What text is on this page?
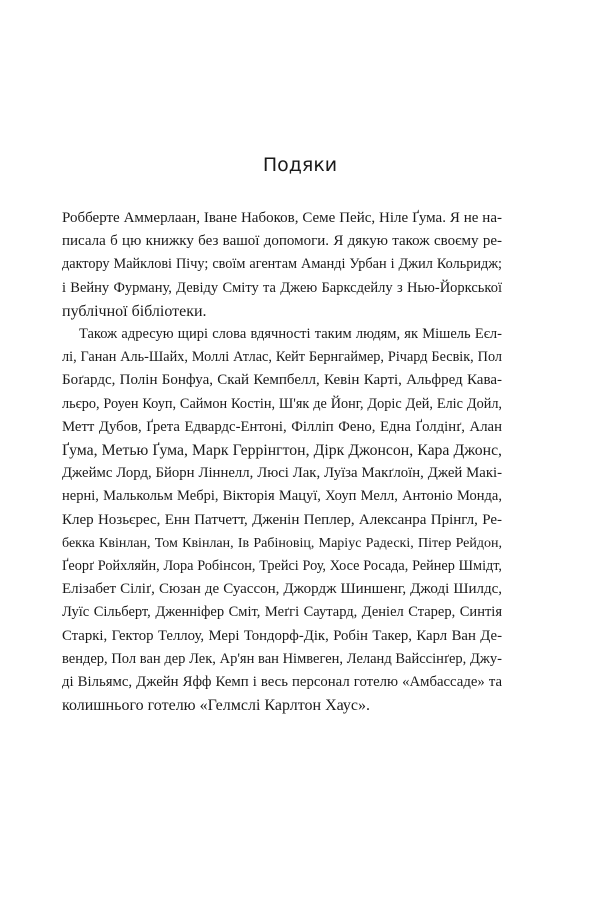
Подяки
Робберте Аммерлаан, Іване Набоков, Семе Пейс, Ніле Ґума. Я не на-
писала б цю книжку без вашої допомоги. Я дякую також своєму ре-
дактору Майклові Пічу; своїм агентам Аманді Урбан і Джил Кольридж;
і Вейну Фурману, Девіду Сміту та Джею Барксдейлу з Нью-Йоркської
публічної бібліотеки.
Також адресую щирі слова вдячності таким людям, як Мішель Еєл-
лі, Ганан Аль-Шайх, Моллі Атлас, Кейт Бернгаймер, Річард Бесвік, Пол
Боґардс, Полін Бонфуа, Скай Кемпбелл, Кевін Карті, Альфред Кава-
льєро, Роуен Коуп, Саймон Костін, Ш'як де Йонг, Доріс Дей, Еліс Дойл,
Метт Дубов, Ґрета Едвардс-Ентоні, Філліп Фено, Една Ґолдінґ, Алан
Ґума, Метью Ґума, Марк Геррінгтон, Дірк Джонсон, Кара Джонс,
Джеймс Лорд, Бйорн Ліннелл, Люсі Лак, Луїза Макґлоїн, Джей Макі-
нерні, Малькольм Мебрі, Вікторія Мацуї, Хоуп Мелл, Антоніо Монда,
Клер Нозьєрес, Енн Патчетт, Дженін Пеплер, Алексанра Прінгл, Ре-
бекка Квінлан, Том Квінлан, Ів Рабіновіц, Маріус Радескі, Пітер Рейдон,
Ґеорґ Ройхляйн, Лора Робінсон, Трейсі Роу, Хосе Росада, Рейнер Шмідт,
Елізабет Сіліґ, Сюзан де Суассон, Джордж Шиншенг, Джоді Шилдс,
Луїс Сільберт, Дженніфер Сміт, Меґгі Саутард, Деніел Старер, Синтія
Старкі, Гектор Теллоу, Мері Тондорф-Дік, Робін Такер, Карл Ван Де-
вендер, Пол ван дер Лек, Ар'ян ван Німвеген, Леланд Вайссінґер, Джу-
ді Вільямс, Джейн Яфф Кемп і весь персонал готелю «Амбассаде» та
колишнього готелю «Гелмслі Карлтон Хаус».
